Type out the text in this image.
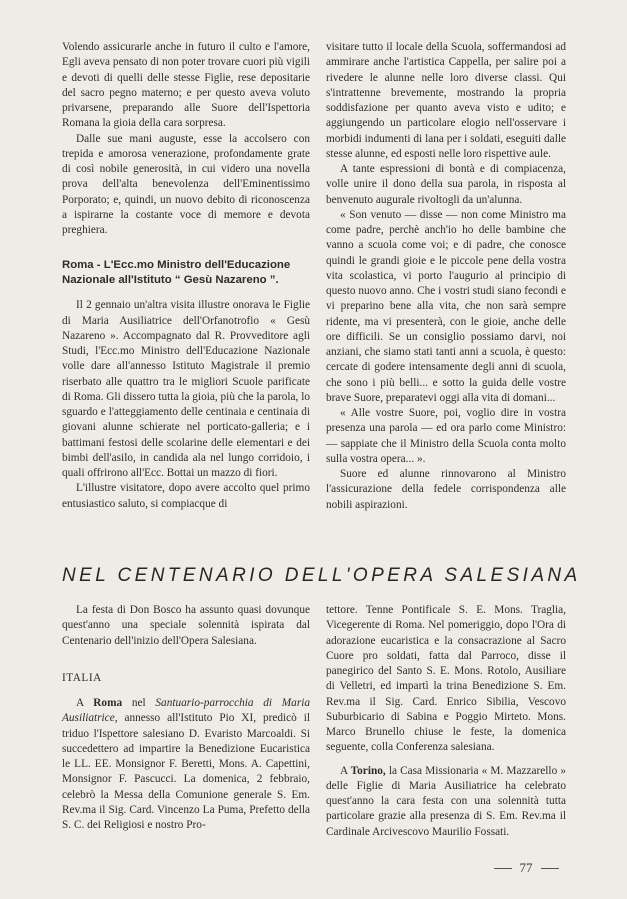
Volendo assicurarle anche in futuro il culto e l'amore, Egli aveva pensato di non poter trovare cuori più vigili e devoti di quelli delle stesse Figlie, rese depositarie del sacro pegno materno; e per questo aveva voluto privarsene, preparando alle Suore dell'Ispettoria Romana la gioia della cara sorpresa.

Dalle sue mani auguste, esse la accolsero con trepida e amorosa venerazione, profondamente grate di così nobile generosità, in cui videro una novella prova dell'alta benevolenza dell'Eminentissimo Porporato; e, quindi, un nuovo debito di riconoscenza a ispirarne la costante voce di memore e devota preghiera.

Roma - L'Ecc.mo Ministro dell'Educazione Nazionale all'Istituto “ Gesù Nazareno ”.

Il 2 gennaio un'altra visita illustre onorava le Figlie di Maria Ausiliatrice dell'Orfanotrofio « Gesù Nazareno ». Accompagnato dal R. Provveditore agli Studi, l'Ecc.mo Ministro dell'Educazione Nazionale volle dare all'annesso Istituto Magistrale il premio riserbato alle quattro tra le migliori Scuole parificate di Roma. Gli dissero tutta la gioia, più che la parola, lo sguardo e l'atteggiamento delle centinaia e centinaia di giovani alunne schierate nel porticato-galleria; e i battimani festosi delle scolarine delle elementari e dei bimbi dell'asilo, in candida ala nel lungo corridoio, i quali offrirono all'Ecc. Bottai un mazzo di fiori.

L'illustre visitatore, dopo avere accolto quel primo entusiastico saluto, si compiacque di

visitare tutto il locale della Scuola, soffermandosi ad ammirare anche l'artistica Cappella, per salire poi a rivedere le alunne nelle loro diverse classi. Qui s'intrattenne brevemente, mostrando la propria soddisfazione per quanto aveva visto e udito; e aggiungendo un particolare elogio nell'osservare i morbidi indumenti di lana per i soldati, eseguiti dalle stesse alunne, ed esposti nelle loro rispettive aule.

A tante espressioni di bontà e di compiacenza, volle unire il dono della sua parola, in risposta al benvenuto augurale rivoltogli da un'alunna.

« Son venuto — disse — non come Ministro ma come padre, perchè anch'io ho delle bambine che vanno a scuola come voi; e di padre, che conosce quindi le grandi gioie e le piccole pene della vostra vita scolastica, vi porto l'augurio al principio di questo nuovo anno. Che i vostri studi siano fecondi e vi preparino bene alla vita, che non sarà sempre ridente, ma vi presenterà, con le gioie, anche delle ore difficili. Se un consiglio possiamo darvi, noi anziani, che siamo stati tanti anni a scuola, è questo: cercate di godere intensamente degli anni di scuola, che sono i più belli... e sotto la guida delle vostre brave Suore, preparatevi oggi alla vita di domani...

« Alle vostre Suore, poi, voglio dire in vostra presenza una parola — ed ora parlo come Ministro: — sappiate che il Ministro della Scuola conta molto sulla vostra opera... ».

Suore ed alunne rinnovarono al Ministro l'assicurazione della fedele corrispondenza alle nobili aspirazioni.

NEL CENTENARIO DELL'OPERA SALESIANA

La festa di Don Bosco ha assunto quasi dovunque quest'anno una speciale solennità ispirata dal Centenario dell'inizio dell'Opera Salesiana.

ITALIA

A Roma nel Santuario-parrocchia di Maria Ausiliatrice, annesso all'Istituto Pio XI, predicò il triduo l'Ispettore salesiano D. Evaristo Marcoaldi. Si succedettero ad impartire la Benedizione Eucaristica le LL. EE. Monsignor F. Beretti, Mons. A. Capettini, Monsignor F. Pascucci. La domenica, 2 febbraio, celebrò la Messa della Comunione generale S. Em. Rev.ma il Sig. Card. Vincenzo La Puma, Prefetto della S. C. dei Religiosi e nostro Pro-

tettore. Tenne Pontificale S. E. Mons. Traglia, Vicegerente di Roma. Nel pomeriggio, dopo l'Ora di adorazione eucaristica e la consacrazione al Sacro Cuore pro soldati, fatta dal Parroco, disse il panegirico del Santo S. E. Mons. Rotolo, Ausiliare di Velletri, ed impartì la trina Benedizione S. Em. Rev.ma il Sig. Card. Enrico Sibilia, Vescovo Suburbicario di Sabina e Poggio Mirteto. Mons. Marco Brunello chiuse le feste, la domenica seguente, colla Conferenza salesiana.

A Torino, la Casa Missionaria « M. Mazzarello » delle Figlie di Maria Ausiliatrice ha celebrato quest'anno la cara festa con una solennità tutta particolare grazie alla presenza di S. Em. Rev.ma il Cardinale Arcivescovo Maurilio Fossati.

77
